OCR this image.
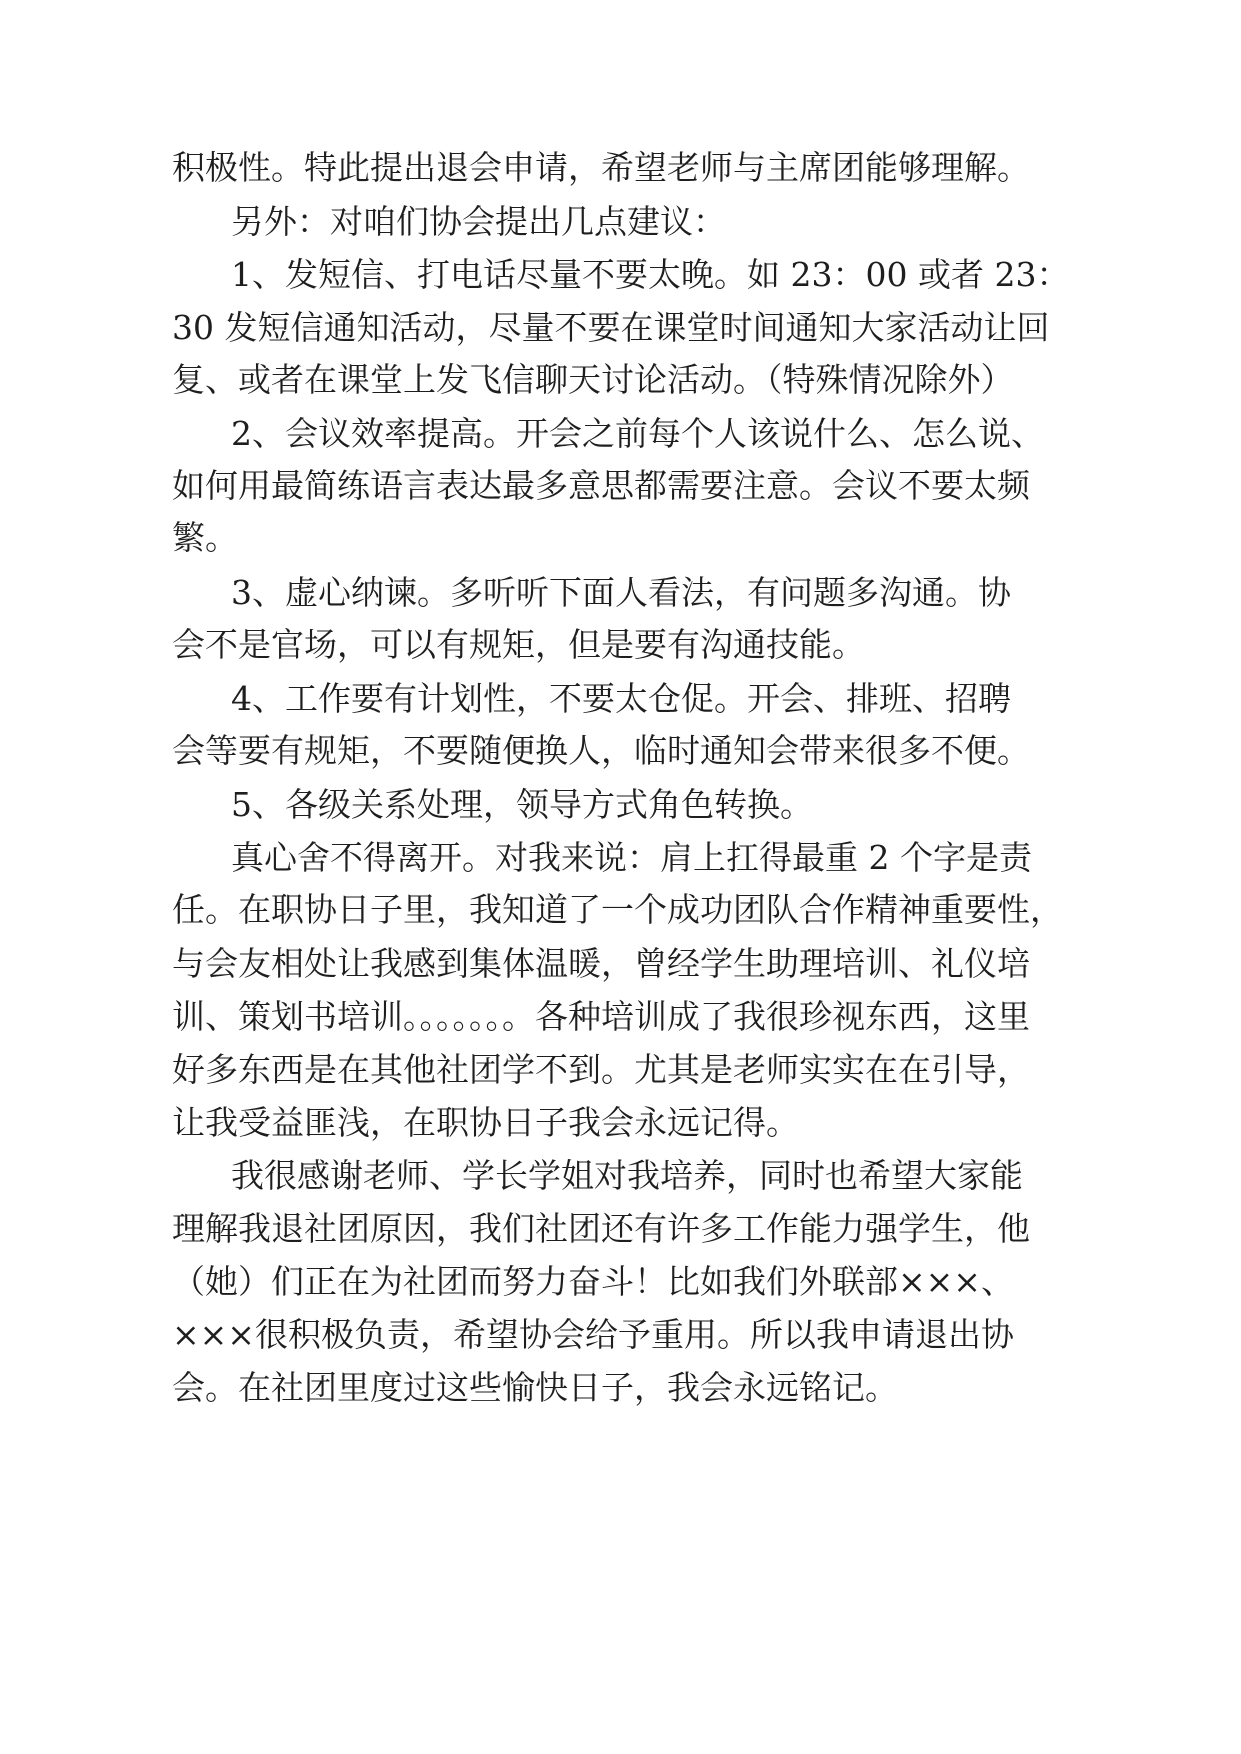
积极性。特此提出退会申请，希望老师与主席团能够理解。

另外：对咱们协会提出几点建议：

1、发短信、打电话尽量不要太晚。如 23：00 或者 23：

30 发短信通知活动，尽量不要在课堂时间通知大家活动让回

复、或者在课堂上发飞信聊天讨论活动。（特殊情况除外）

2、会议效率提高。开会之前每个人该说什么、怎么说、

如何用最简练语言表达最多意思都需要注意。会议不要太频

繁。

3、虚心纳谏。多听听下面人看法，有问题多沟通。协

会不是官场，可以有规矩，但是要有沟通技能。

4、工作要有计划性，不要太仓促。开会、排班、招聘

会等要有规矩，不要随便换人，临时通知会带来很多不便。

5、各级关系处理，领导方式角色转换。

真心舍不得离开。对我来说：肩上扛得最重 2 个字是责

任。在职协日子里，我知道了一个成功团队合作精神重要性，

与会友相处让我感到集体温暖，曾经学生助理培训、礼仪培

训、策划书培训。。。。。。。各种培训成了我很珍视东西，这里

好多东西是在其他社团学不到。尤其是老师实实在在引导，

让我受益匪浅，在职协日子我会永远记得。

我很感谢老师、学长学姐对我培养，同时也希望大家能

理解我退社团原因，我们社团还有许多工作能力强学生，他

（她）们正在为社团而努力奋斗！比如我们外联部×××、

×××很积极负责，希望协会给予重用。所以我申请退出协

会。在社团里度过这些愉快日子，我会永远铭记。
